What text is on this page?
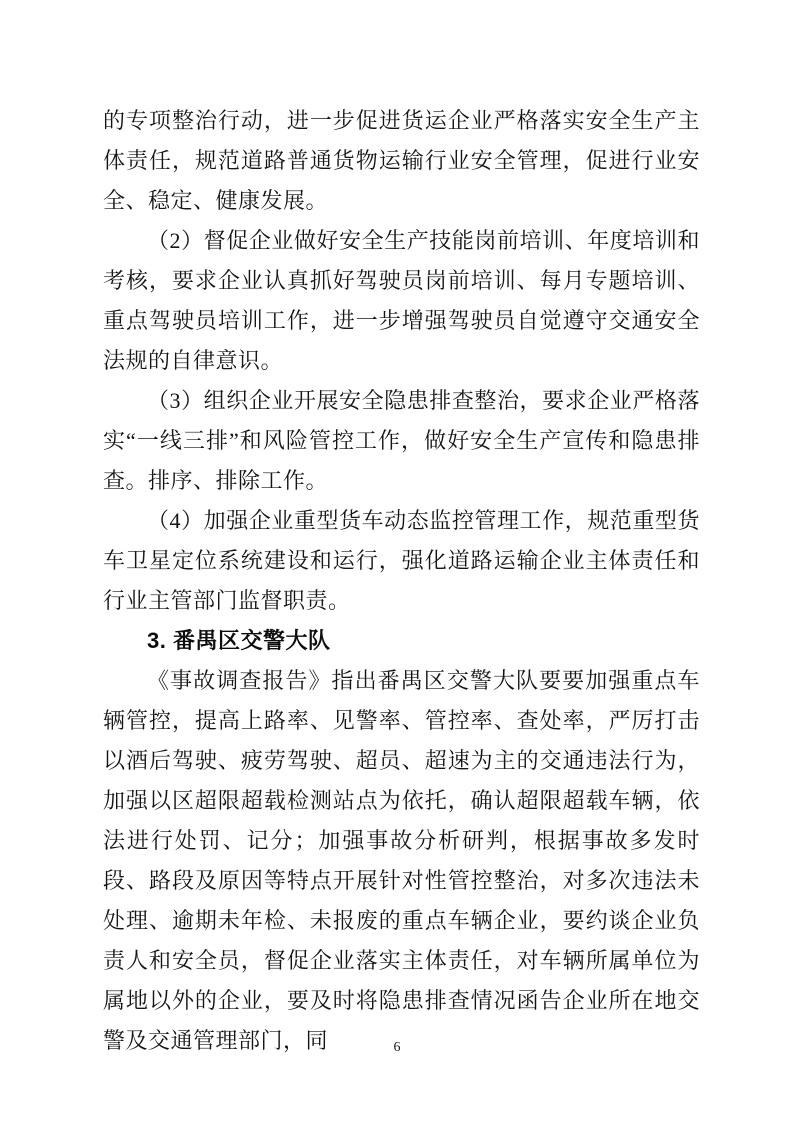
的专项整治行动，进一步促进货运企业严格落实安全生产主体责任，规范道路普通货物运输行业安全管理，促进行业安全、稳定、健康发展。

（2）督促企业做好安全生产技能岗前培训、年度培训和考核，要求企业认真抓好驾驶员岗前培训、每月专题培训、重点驾驶员培训工作，进一步增强驾驶员自觉遵守交通安全法规的自律意识。

（3）组织企业开展安全隐患排查整治，要求企业严格落实“一线三排”和风险管控工作，做好安全生产宣传和隐患排查。排序、排除工作。

（4）加强企业重型货车动态监控管理工作，规范重型货车卫星定位系统建设和运行，强化道路运输企业主体责任和行业主管部门监督职责。

3. 番禺区交警大队

《事故调查报告》指出番禺区交警大队要要加强重点车辆管控，提高上路率、见警率、管控率、查处率，严厉打击以酒后驾驶、疲劳驾驶、超员、超速为主的交通违法行为，加强以区超限超载检测站点为依托，确认超限超载车辆，依法进行处罚、记分；加强事故分析研判，根据事故多发时段、路段及原因等特点开展针对性管控整治，对多次违法未处理、逾期未年检、未报废的重点车辆企业，要约谈企业负责人和安全员，督促企业落实主体责任，对车辆所属单位为属地以外的企业，要及时将隐患排查情况函告企业所在地交警及交通管理部门，同	6
